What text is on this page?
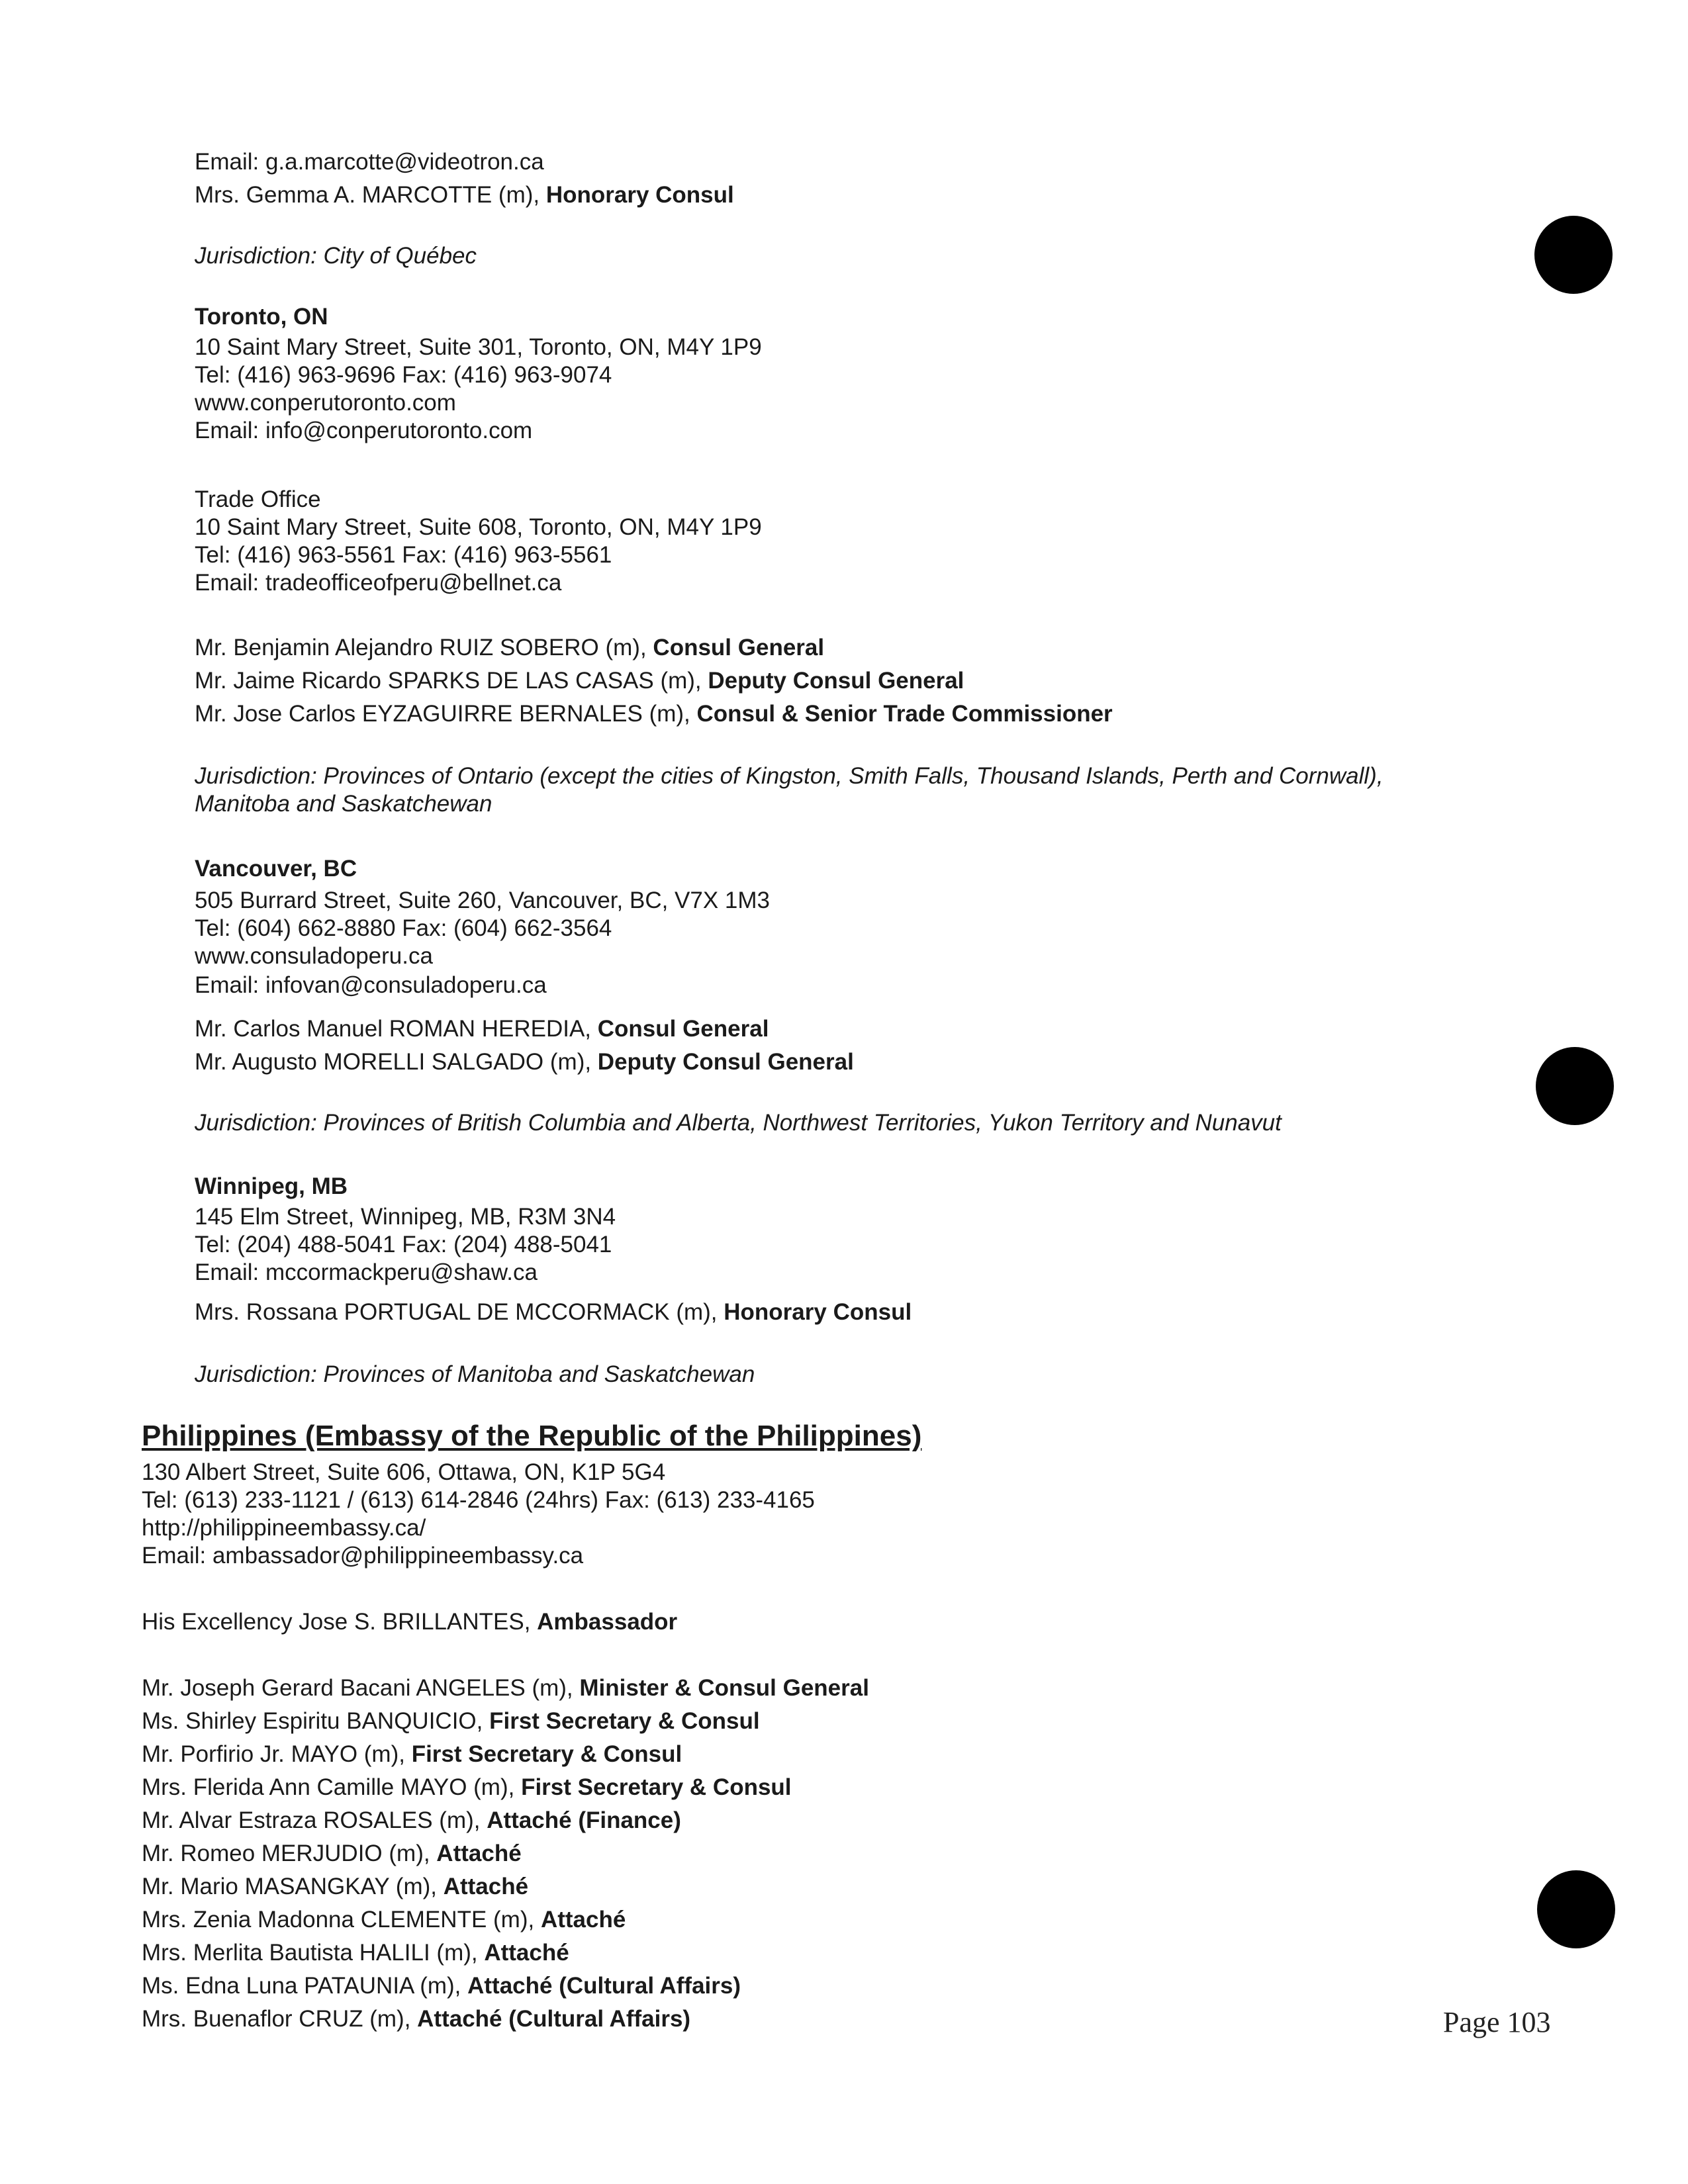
Email: g.a.marcotte@videotron.ca
Mrs. Gemma A. MARCOTTE (m), Honorary Consul
Jurisdiction: City of Québec
Toronto, ON
10 Saint Mary Street, Suite 301, Toronto, ON, M4Y 1P9
Tel: (416) 963-9696 Fax: (416) 963-9074
www.conperutoronto.com
Email: info@conperutoronto.com
Trade Office
10 Saint Mary Street, Suite 608, Toronto, ON, M4Y 1P9
Tel: (416) 963-5561 Fax: (416) 963-5561
Email: tradeofficeofperu@bellnet.ca
Mr. Benjamin Alejandro RUIZ SOBERO (m), Consul General
Mr. Jaime Ricardo SPARKS DE LAS CASAS (m), Deputy Consul General
Mr. Jose Carlos EYZAGUIRRE BERNALES (m), Consul & Senior Trade Commissioner
Jurisdiction: Provinces of Ontario (except the cities of Kingston, Smith Falls, Thousand Islands, Perth and Cornwall),
Manitoba and Saskatchewan
Vancouver, BC
505 Burrard Street, Suite 260, Vancouver, BC, V7X 1M3
Tel: (604) 662-8880 Fax: (604) 662-3564
www.consuladoperu.ca
Email: infovan@consuladoperu.ca
Mr. Carlos Manuel ROMAN HEREDIA, Consul General
Mr. Augusto MORELLI SALGADO (m), Deputy Consul General
Jurisdiction: Provinces of British Columbia and Alberta, Northwest Territories, Yukon Territory and Nunavut
Winnipeg, MB
145 Elm Street, Winnipeg, MB, R3M 3N4
Tel: (204) 488-5041 Fax: (204) 488-5041
Email: mccormackperu@shaw.ca
Mrs. Rossana PORTUGAL DE MCCORMACK (m), Honorary Consul
Jurisdiction: Provinces of Manitoba and Saskatchewan
Philippines (Embassy of the Republic of the Philippines)
130 Albert Street, Suite 606, Ottawa, ON, K1P 5G4
Tel: (613) 233-1121 / (613) 614-2846 (24hrs) Fax: (613) 233-4165
http://philippineembassy.ca/
Email: ambassador@philippineembassy.ca
His Excellency Jose S. BRILLANTES, Ambassador
Mr. Joseph Gerard Bacani ANGELES (m), Minister & Consul General
Ms. Shirley Espiritu BANQUICIO, First Secretary & Consul
Mr. Porfirio Jr. MAYO (m), First Secretary & Consul
Mrs. Flerida Ann Camille MAYO (m), First Secretary & Consul
Mr. Alvar Estraza ROSALES (m), Attaché (Finance)
Mr. Romeo MERJUDIO (m), Attaché
Mr. Mario MASANGKAY (m), Attaché
Mrs. Zenia Madonna CLEMENTE (m), Attaché
Mrs. Merlita Bautista HALILI (m), Attaché
Ms. Edna Luna PATAUNIA (m), Attaché (Cultural Affairs)
Mrs. Buenaflor CRUZ (m), Attaché (Cultural Affairs)	Page 103
